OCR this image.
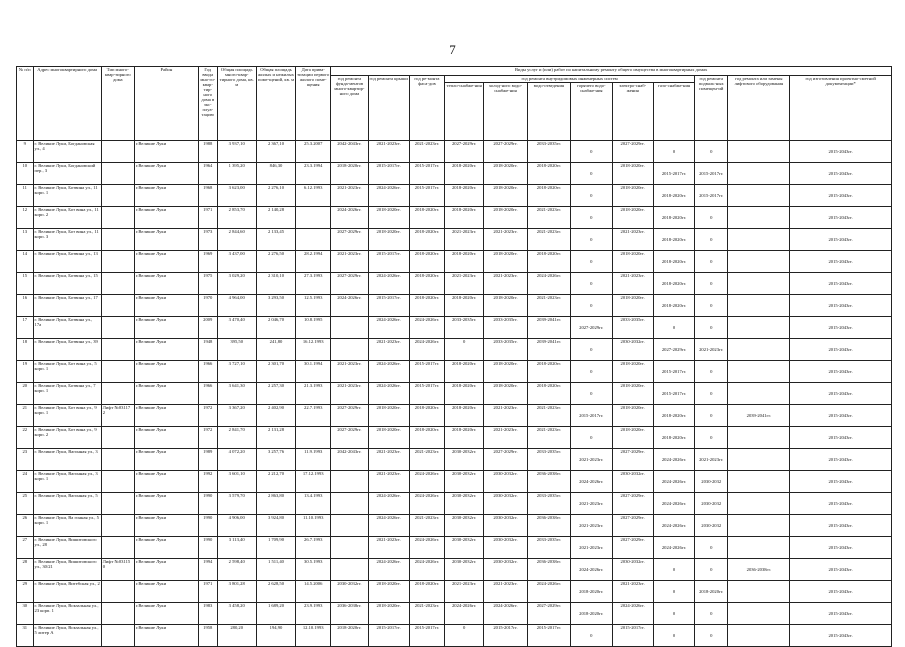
7
№ п/п	Адрес многоквартирного дома	Тип много-квар-тирного дома	Район	Год ввода мно-го-квар-тир-ного дома в экс-плуа-тацию	Общая площадь много-квар-тирного дома, кв. м	Общая площадь жилых и нежилых поме-щений, кв. м	Дата прива-тизации первого жилого поме-щения	Виды услуг и (или) работ по капитальному ремонту общего имущества в многоквартирных домах											
								год ремонта фунда-ментов много-квартир-ного дома	год ремонта крыши	год ре-монта фаса-дов	год ремонта внутридомовых инженерных систем						год ремонта подваль-ных помещен-ий	год ремонта или замены лифтового оборудования	год изготовления проектно-сметной документации*
											тепло-снабже-ния	холод-ного водо-снабже-ния	водо-отведения	горячего водо-снабже-ния	электро-снаб-жения	газо-снабже-ния			
9	г. Великие Луки, Богдановская ул., 4		г.Великие Луки	1988	3 937,10	2 367,10	25.3.2007	2042-2043гг.	2021-2023гг.	2021-2023гг.	2027-2029гг.	2027-2029гг.	2033-2035гг.	0	2027-2029гг.	0	0		2015-2043гг.
10	г. Великие Луки, Богдановский пер., 3		г.Великие Луки	1964	1 395,20	846,30	23.3.1994	2018-2020гг.	2015-2017гг.	2015-2017гг.	2018-2020гг.	2018-2020гг.	2018-2020гг.	0	2018-2020гг.	2015-2017гг.	2015-2017гг.		2015-2043гг.
11	г. Великие Луки, Ботвина ул., 11 корп. 1		г.Великие Луки	1968	3 623,00	2 276,10	6.12.1993	2021-2023гг.	2024-2026гг.	2015-2017гг.	2018-2020гг.	2018-2020гг.	2018-2020гг.	0	2018-2020гг.	2018-2020гг.	2015-2017гг.		2015-2043гг.
12	г. Великие Луки, Бот вина ул., 11 корп. 2		г.Великие Луки	1971	2 853,70	2 140,28		2024-2026гг.	2018-2020гг.	2018-2020гг.	2018-2020гг.	2018-2020гг.	2021-2023гг.	0	2018-2020гг.	2018-2020гг.	0		2015-2043гг.
13	г. Великие Луки, Бот вина ул., 11 корп. 3		г.Великие Луки	1973	2 844,60	2 133,45		2027-2029гг.	2018-2020гг.	2018-2020гг.	2021-2023гг.	2021-2023гг.	2021-2023гг.	0	2021-2023гг.	2018-2020гг.	0		2015-2043гг.
14	г. Великие Луки, Ботвина ул., 13		г.Великие Луки	1969	3 437,00	2 276,50	28.2.1994	2021-2023гг.	2015-2017гг.	2018-2020гг.	2018-2020гг.	2018-2020гг.	2018-2020гг.	0	2018-2020гг.	2018-2020гг.	0		2015-2043гг.
15	г. Великие Луки, Ботвина ул., 15		г.Великие Луки	1975	3 029,20	2 310,10	27.3.1993	2027-2029гг.	2024-2026гг.	2018-2020гг.	2021-2023гг.	2021-2023гг.	2024-2026гг.	0	2021-2023гг.	2018-2020гг.	0		2015-2043гг.
16	г. Великие Луки, Ботвина ул., 17		г.Великие Луки	1970	4 964,00	3 293,50	12.5.1993	2024-2026гг.	2015-2017гг.	2018-2020гг.	2018-2020гг.	2018-2020гг.	2021-2023гг.	0	2018-2020гг.	2018-2020гг.	0		2015-2043гг.
17	г. Великие Луки, Ботвина ул., 17а		г.Великие Луки	2009	3 470,40	2 046,70	10.8.1995		2024-2026гг.	2024-2026гг.	2033-2035гг.	2033-2035гг.	2039-2041гг.	2027-2029гг.	2033-2035гг.	0	0		2015-2043гг.
18	г. Великие Луки, Ботвина ул., 39		г.Великие Луки	1948	395,50	241,80	16.12.1993		2021-2023гг.	2024-2026гг.	0	2033-2035гг.	2039-2041гг.	0	2030-2032гг.	2027-2029гг.	2021-2023гг.		2015-2043гг.
19	г. Великие Луки, Бот вина ул., 5 корп. 1		г.Великие Луки	1966	3 727,10	2 301,70	30.1.1994	2021-2023гг.	2024-2026гг.	2015-2017гг.	2018-2020гг.	2018-2020гг.	2018-2020гг.	0	2018-2020гг.	2015-2017гг.	0		2015-2043гг.
20	г. Великие Луки, Ботвина ул., 7 корп. 1		г.Великие Луки	1966	3 641,30	2 257,30	21.3.1993	2021-2023гг.	2024-2026гг.	2015-2017гг.	2018-2020гг.	2018-2020гг.	2018-2020гг.	0	2018-2020гг.	2015-2017гг.	0		2015-2043гг.
21	г. Великие Луки, Бот вина ул., 9 корп. 1	Лифт №03117 2	г.Великие Луки	1972	3 367,20	2 402,90	22.7.1993	2027-2029гг.	2018-2020гг.	2018-2020гг.	2018-2020гг.	2021-2023гг.	2021-2023гг.	2015-2017гг.	2018-2020гг.	2018-2020гг.	0	2039-2041гг.	2015-2043гг.
22	г. Великие Луки, Бот вина ул., 9 корп. 2		г.Великие Луки	1972	2 841,70	2 131,28		2027-2029гг.	2018-2020гг.	2018-2020гг.	2018-2020гг.	2021-2023гг.	2021-2023гг.	0	2018-2020гг.	2018-2020гг.	0		2015-2043гг.
23	г. Великие Луки, Вагонная ул., 3		г.Великие Луки	1989	4 072,20	3 257,76	11.9.1993	2042-2043гг.	2021-2023гг.	2021-2023гг.	2030-2032гг.	2027-2029гг.	2033-2035гг.	2021-2023гг.	2027-2029гг.	2024-2026гг.	2021-2023гг.		2015-2043гг.
24	г. Великие Луки, Вагонная ул., 3 корп. 1		г.Великие Луки	1992	3 601,10	2 212,70	17.12.1993		2021-2023гг.	2024-2026гг.	2030-2032гг.	2030-2032гг.	2036-2038гг.	2024-2026гг.	2030-2032гг.	2024-2026гг.	2030-2032		2015-2043гг.
25	г. Великие Луки, Вагонная ул., 5		г.Великие Луки	1990	3 579,70	2 863,80	13.4.1993		2024-2026гг.	2024-2026гг.	2030-2032гг.	2030-2032гг.	2033-2035гг.	2021-2023гг.	2027-2029гг.	2024-2026гг.	2030-2032		2015-2043гг.
26	г. Великие Луки, Ва гонная ул., 5 корп. 1		г.Великие Луки	1990	4 906,00	3 924,80	11.10.1993		2024-2026гг.	2021-2023гг.	2030-2032гг.	2030-2032гг.	2036-2038гг.	2021-2023гг.	2027-2029гг.	2024-2026гг.	2030-2032		2015-2043гг.
27	г. Великие Луки, Вишитовского ул., 28		г.Великие Луки	1990	3 113,40	1 709,90	26.7.1993		2021-2023гг.	2024-2026гг.	2030-2032гг.	2030-2032гг.	2033-2035гг.	2021-2023гг.	2027-2029гг.	2024-2026гг.	0		2015-2043гг.
28	г. Великие Луки, Вишитовского ул., 30/21	Лифт №03115 0	г.Великие Луки	1994	2 598,40	1 511,40	30.5.1993		2024-2026гг.	2024-2026гг.	2030-2032гг.	2030-2032гг.	2036-2038гг.	2024-2026гг.	2030-2032гг.	0	0	2036-2038гг.	2015-2043гг.
29	г. Великие Луки, Витебская ул., 2		г.Великие Луки	1971	3 801,28	2 628,50	14.5.2006	2030-2032гг.	2018-2020гг.	2018-2020гг.	2021-2023гг.	2021-2023гг.	2024-2026гг.	2018-2020гг.	2021-2023гг.	0	2018-2020гг.		2015-2043гг.
30	г. Великие Луки, Вокзальная ул., 23 корп. 1		г.Великие Луки	1983	3 458,20	1 689,20	23.9.1993	2036-2038гг.	2018-2020гг.	2021-2023гг.	2024-2026гг.	2024-2026гг.	2027-2029гг.	2018-2020гг.	2024-2026гг.	0	0		2015-2043гг.
31	г. Великие Луки, Вокзальная ул., 5 литер А		г.Великие Луки	1958	280,20	194,90	12.10.1993	2018-2020гг.	2015-2017гг.	2015-2017гг.	0	2015-2017гг.	2015-2017гг.	0	2015-2017гг.	0	0		2015-2043гг.
